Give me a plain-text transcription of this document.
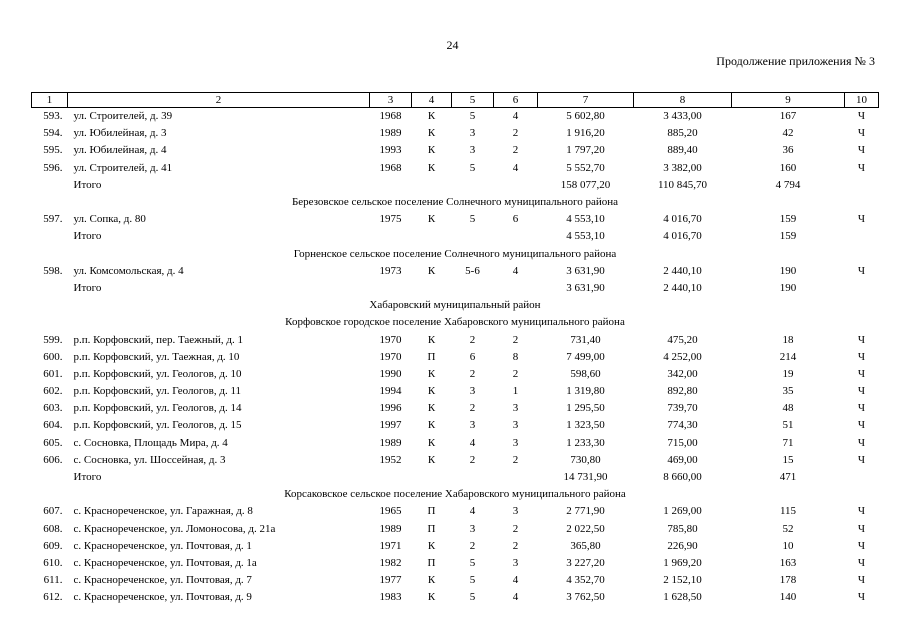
24
Продолжение приложения № 3
1	2	3	4	5	6	7	8	9	10
593.	ул. Строителей, д. 39	1968	К	5	4	5 602,80	3 433,00	167	Ч
594.	ул. Юбилейная, д. 3	1989	К	3	2	1 916,20	885,20	42	Ч
595.	ул. Юбилейная, д. 4	1993	К	3	2	1 797,20	889,40	36	Ч
596.	ул. Строителей, д. 41	1968	К	5	4	5 552,70	3 382,00	160	Ч
	Итого					158 077,20	110 845,70	4 794	
Березовское сельское поселение Солнечного муниципального района									
597.	ул. Сопка, д. 80	1975	К	5	6	4 553,10	4 016,70	159	Ч
	Итого					4 553,10	4 016,70	159	
Горненское сельское поселение Солнечного муниципального района									
598.	ул. Комсомольская, д. 4	1973	К	5-6	4	3 631,90	2 440,10	190	Ч
	Итого					3 631,90	2 440,10	190	
Хабаровский муниципальный район									
Корфовское городское поселение Хабаровского муниципального района									
599.	р.п. Корфовский, пер. Таежный, д. 1	1970	К	2	2	731,40	475,20	18	Ч
600.	р.п. Корфовский, ул. Таежная, д. 10	1970	П	6	8	7 499,00	4 252,00	214	Ч
601.	р.п. Корфовский, ул. Геологов, д. 10	1990	К	2	2	598,60	342,00	19	Ч
602.	р.п. Корфовский, ул. Геологов, д. 11	1994	К	3	1	1 319,80	892,80	35	Ч
603.	р.п. Корфовский, ул. Геологов, д. 14	1996	К	2	3	1 295,50	739,70	48	Ч
604.	р.п. Корфовский, ул. Геологов, д. 15	1997	К	3	3	1 323,50	774,30	51	Ч
605.	с. Сосновка, Площадь Мира, д. 4	1989	К	4	3	1 233,30	715,00	71	Ч
606.	с. Сосновка, ул. Шоссейная, д. 3	1952	К	2	2	730,80	469,00	15	Ч
	Итого					14 731,90	8 660,00	471	
Корсаковское сельское поселение Хабаровского муниципального района									
607.	с. Краснореченское, ул. Гаражная, д. 8	1965	П	4	3	2 771,90	1 269,00	115	Ч
608.	с. Краснореченское, ул. Ломоносова, д. 21а	1989	П	3	2	2 022,50	785,80	52	Ч
609.	с. Краснореченское, ул. Почтовая, д. 1	1971	К	2	2	365,80	226,90	10	Ч
610.	с. Краснореченское, ул. Почтовая, д. 1а	1982	П	5	3	3 227,20	1 969,20	163	Ч
611.	с. Краснореченское, ул. Почтовая, д. 7	1977	К	5	4	4 352,70	2 152,10	178	Ч
612.	с. Краснореченское, ул. Почтовая, д. 9	1983	К	5	4	3 762,50	1 628,50	140	Ч
